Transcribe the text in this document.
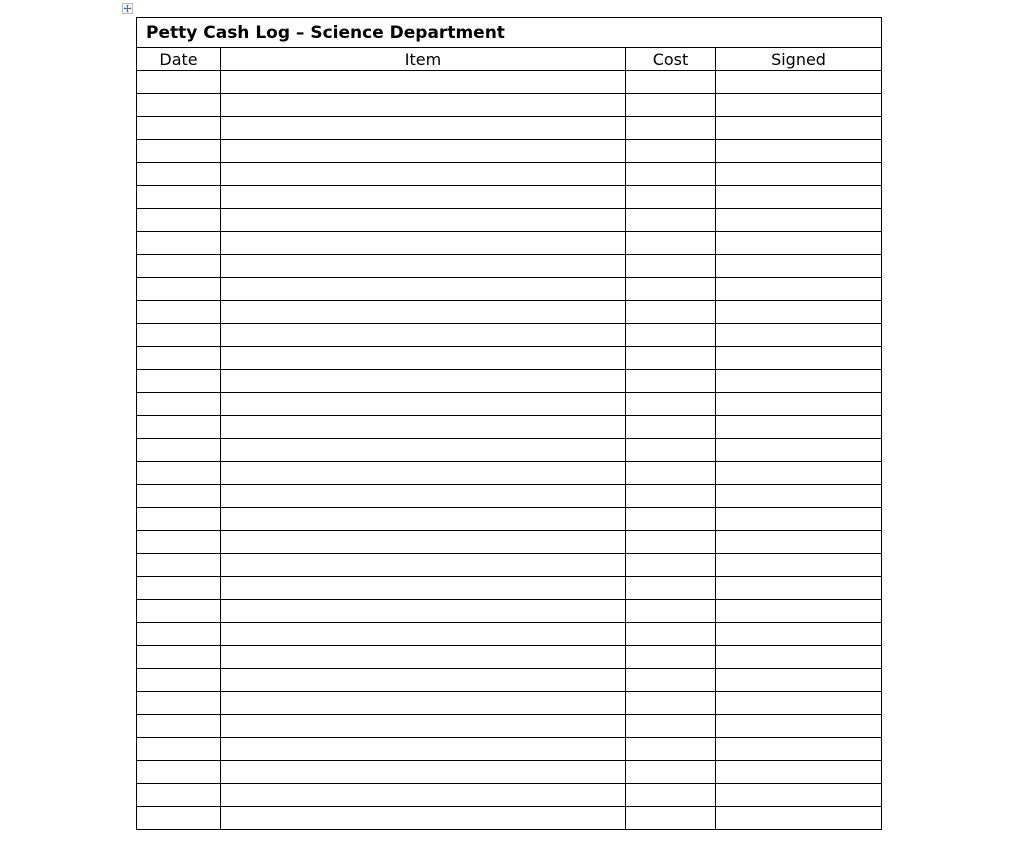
Petty Cash Log – Science Department			
Date	Item	Cost	Signed
